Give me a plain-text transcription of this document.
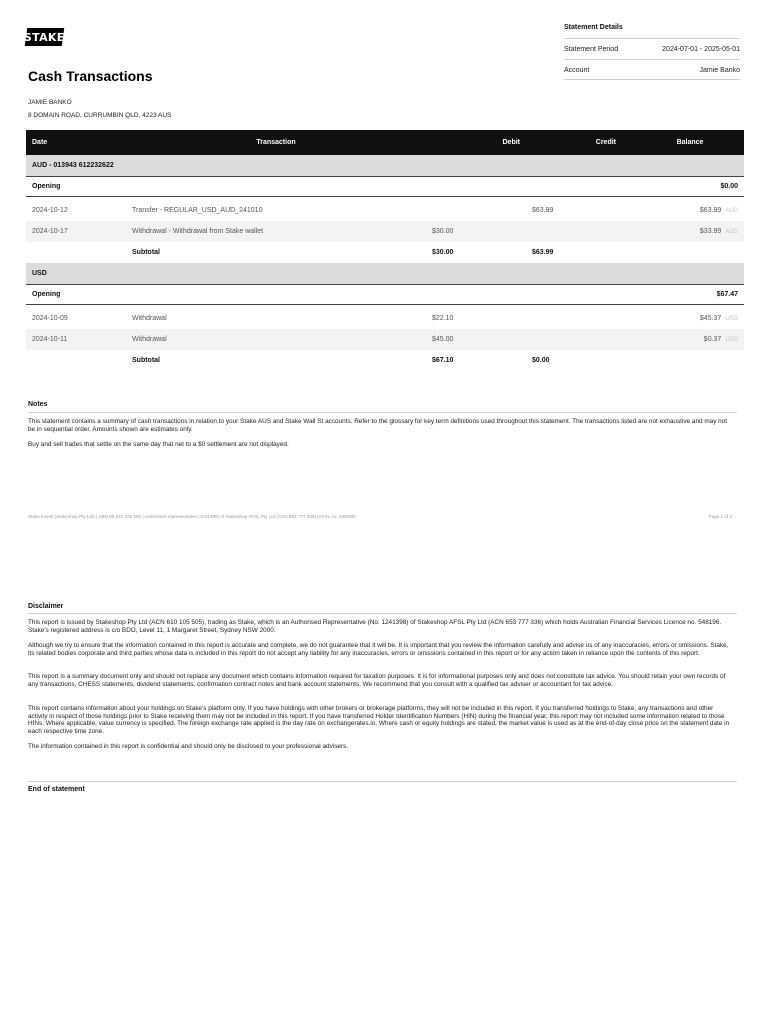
STAKE
Statement Details
Statement Period	2024-07-01 - 2025-05-01
Account	Jamie Banko
Cash Transactions
JAMIE BANKO
8 DOMAIN ROAD, CURRUMBIN QLD, 4223 AUS
Date	Transaction	Debit	Credit	Balance
AUD - 013943 612232622				
Opening				$0.00

2024-10-12	Transfer - REGULAR_USD_AUD_241010		$63.99	$63.99 AUD
2024-10-17	Withdrawal - Withdrawal from Stake wallet	$30.00		$33.99 AUD
	Subtotal	$30.00	$63.99	
USD				
Opening				$67.47

2024-10-09	Withdrawal	$22.10		$45.37 USD
2024-10-11	Withdrawal	$45.00		$0.37 USD
	Subtotal	$67.10	$0.00	
Notes
This statement contains a summary of cash transactions in relation to your Stake AUS and Stake Wall St accounts. Refer to the glossary for key term definitions used throughout this statement. The transactions listed are not exhaustive and may not be in sequential order. Amounts shown are estimates only.
Buy and sell trades that settle on the same day that net to a $0 settlement are not displayed.
Stake Invest (Stakeshop Pty Ltd) | ABN 99 610 105 505 | Authorised representative (1241398) of Stakeshop AFSL Pty Ltd (ACN 653 777 336) (AFSL no. 548196)	Page 1 of 2
Disclaimer
This report is issued by Stakeshop Pty Ltd (ACN 610 105 505), trading as Stake, which is an Authorised Representative (No. 1241398) of Stakeshop AFSL Pty Ltd (ACN 653 777 336) which holds Australian Financial Services Licence no. 548196. Stake's registered address is c/o BDO, Level 11, 1 Margaret Street, Sydney NSW 2000.
Although we try to ensure that the information contained in this report is accurate and complete, we do not guarantee that it will be. It is important that you review the information carefully and advise us of any inaccuracies, errors or omissions. Stake, its related bodies corporate and third parties whose data is included in this report do not accept any liability for any inaccuracies, errors or omissions contained in this report or for any action taken in reliance upon the contents of this report.
This report is a summary document only and should not replace any document which contains information required for taxation purposes. It is for informational purposes only and does not constitute tax advice. You should retain your own records of any transactions, CHESS statements, dividend statements, confirmation contract notes and bank account statements. We recommend that you consult with a qualified tax adviser or accountant for tax advice.
This report contains information about your holdings on Stake's platform only. If you have holdings with other brokers or brokerage platforms, they will not be included in this report. If you transferred holdings to Stake, any transactions and other activity in respect of those holdings prior to Stake receiving them may not be included in this report. If you have transferred Holder Identification Numbers (HIN) during the financial year, this report may not included some information related to those HINs. Where applicable, value currency is specified. The foreign exchange rate applied is the day rate on exchangerates.io. Where cash or equity holdings are stated, the market value is used as at the end-of-day close price on the statement date in each respective time zone.
The information contained in this report is confidential and should only be disclosed to your professional advisers.
End of statement
